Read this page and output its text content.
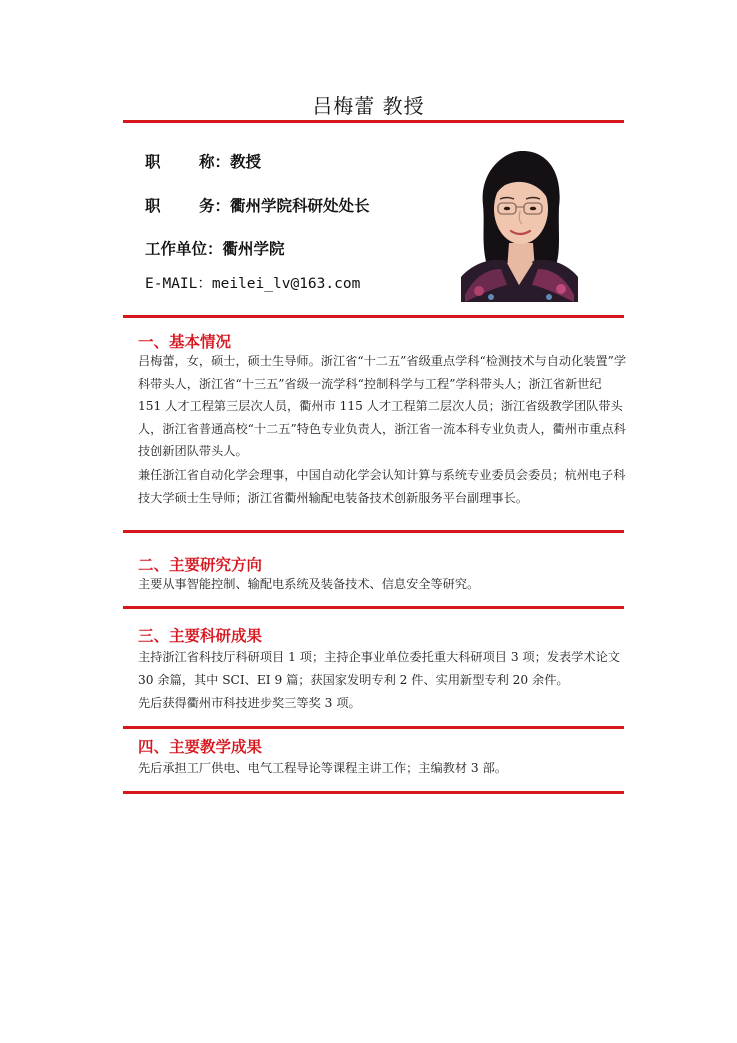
吕梅蕾 教授
职 称：教授
职 务：衢州学院科研处处长
工作单位：衢州学院
E-MAIL：meilei_lv@163.com
一、基本情况
吕梅蕾，女，硕士，硕士生导师。浙江省“十二五”省级重点学科“检测技术与自动化装置”学科带头人，浙江省“十三五”省级一流学科“控制科学与工程”学科带头人；浙江省新世纪 151 人才工程第三层次人员，衢州市 115 人才工程第二层次人员；浙江省级教学团队带头人，浙江省普通高校“十二五”特色专业负责人，浙江省一流本科专业负责人，衢州市重点科技创新团队带头人。
兼任浙江省自动化学会理事，中国自动化学会认知计算与系统专业委员会委员；杭州电子科技大学硕士生导师；浙江省衢州输配电装备技术创新服务平台副理事长。
二、主要研究方向
主要从事智能控制、输配电系统及装备技术、信息安全等研究。
三、主要科研成果
主持浙江省科技厅科研项目 1 项；主持企事业单位委托重大科研项目 3 项；发表学术论文 30 余篇，其中 SCI、EI 9 篇；获国家发明专利 2 件、实用新型专利 20 余件。
先后获得衢州市科技进步奖三等奖 3 项。
四、主要教学成果
先后承担工厂供电、电气工程导论等课程主讲工作；主编教材 3 部。
